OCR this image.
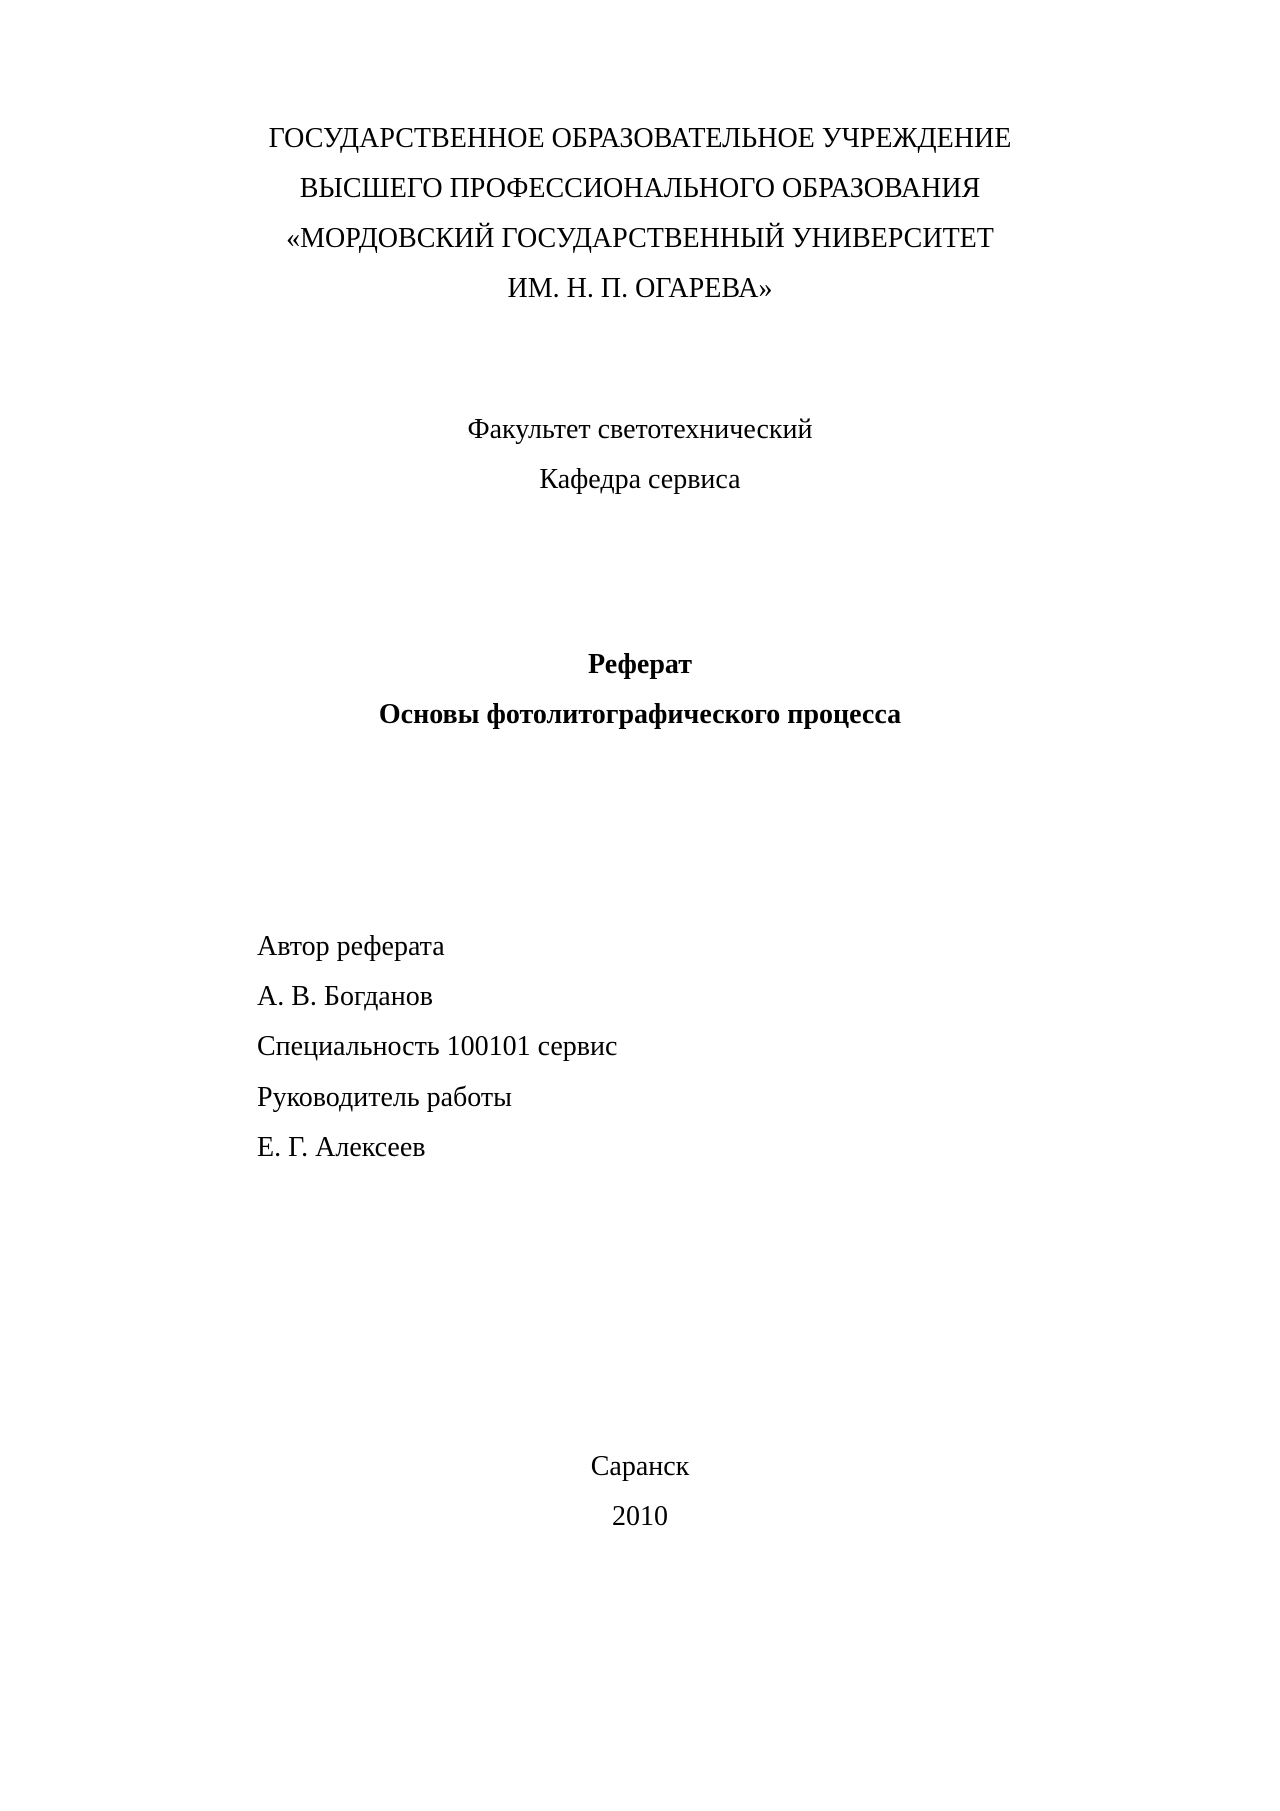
ГОСУДАРСТВЕННОЕ ОБРАЗОВАТЕЛЬНОЕ УЧРЕЖДЕНИЕ
ВЫСШЕГО ПРОФЕССИОНАЛЬНОГО ОБРАЗОВАНИЯ
«МОРДОВСКИЙ ГОСУДАРСТВЕННЫЙ УНИВЕРСИТЕТ
ИМ. Н. П. ОГАРЕВА»
Факультет светотехнический
Кафедра сервиса
Реферат
Основы фотолитографического процесса
Автор реферата
А. В. Богданов
Специальность 100101 сервис
Руководитель работы
Е. Г. Алексеев
Саранск
2010
